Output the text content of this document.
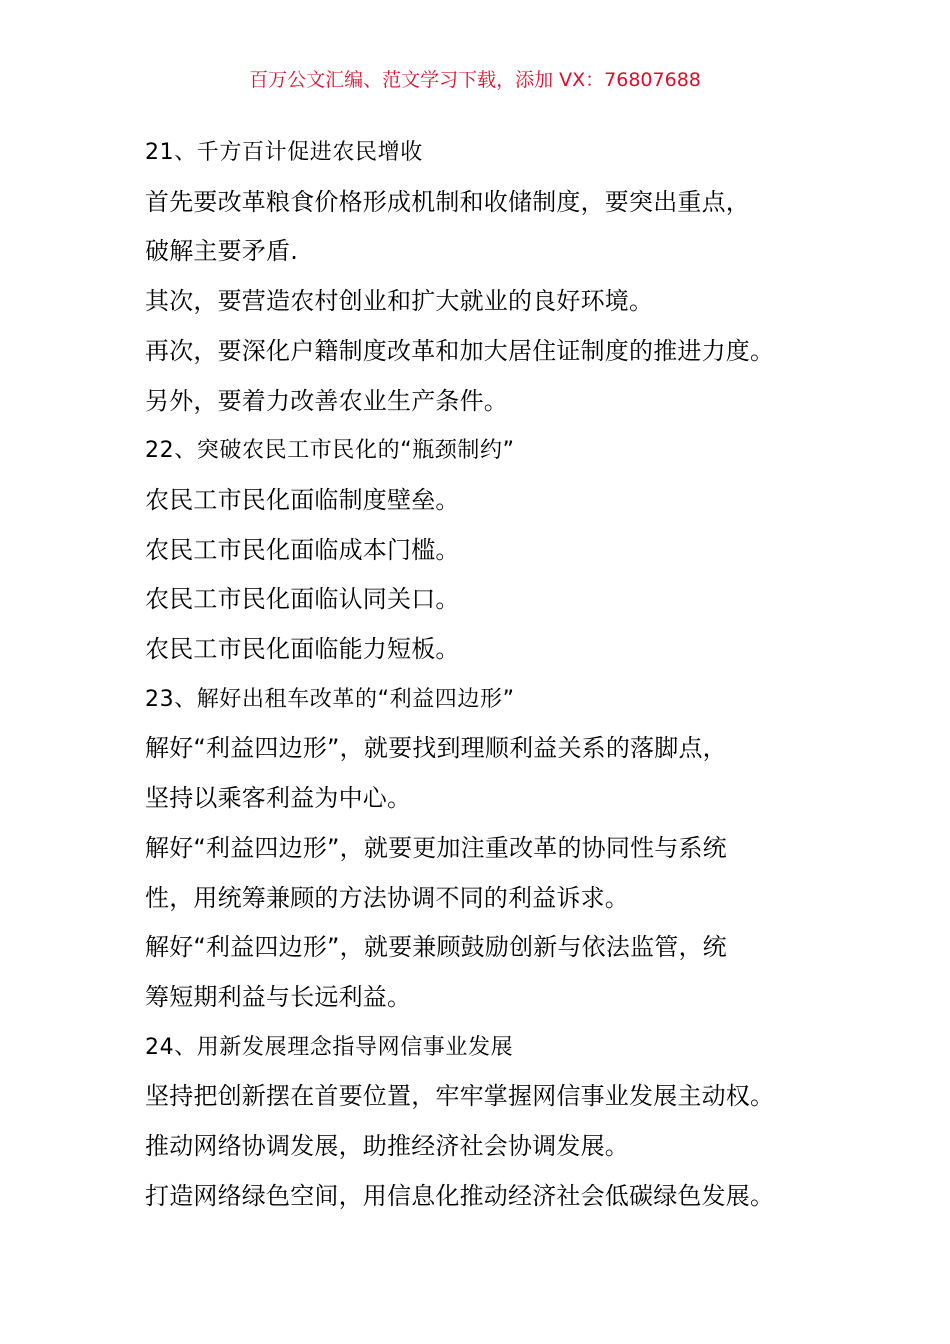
百万公文汇编、范文学习下载，添加 VX：76807688
21、千方百计促进农民增收
首先要改革粮食价格形成机制和收储制度，要突出重点，
破解主要矛盾.
其次，要营造农村创业和扩大就业的良好环境。
再次，要深化户籍制度改革和加大居住证制度的推进力度。
另外，要着力改善农业生产条件。
22、突破农民工市民化的“瓶颈制约”
农民工市民化面临制度壁垒。
农民工市民化面临成本门槛。
农民工市民化面临认同关口。
农民工市民化面临能力短板。
23、解好出租车改革的“利益四边形”
解好“利益四边形”，就要找到理顺利益关系的落脚点，
坚持以乘客利益为中心。
解好“利益四边形”，就要更加注重改革的协同性与系统
性，用统筹兼顾的方法协调不同的利益诉求。
解好“利益四边形”，就要兼顾鼓励创新与依法监管，统
筹短期利益与长远利益。
24、用新发展理念指导网信事业发展
坚持把创新摆在首要位置，牢牢掌握网信事业发展主动权。
推动网络协调发展，助推经济社会协调发展。
打造网络绿色空间，用信息化推动经济社会低碳绿色发展。
